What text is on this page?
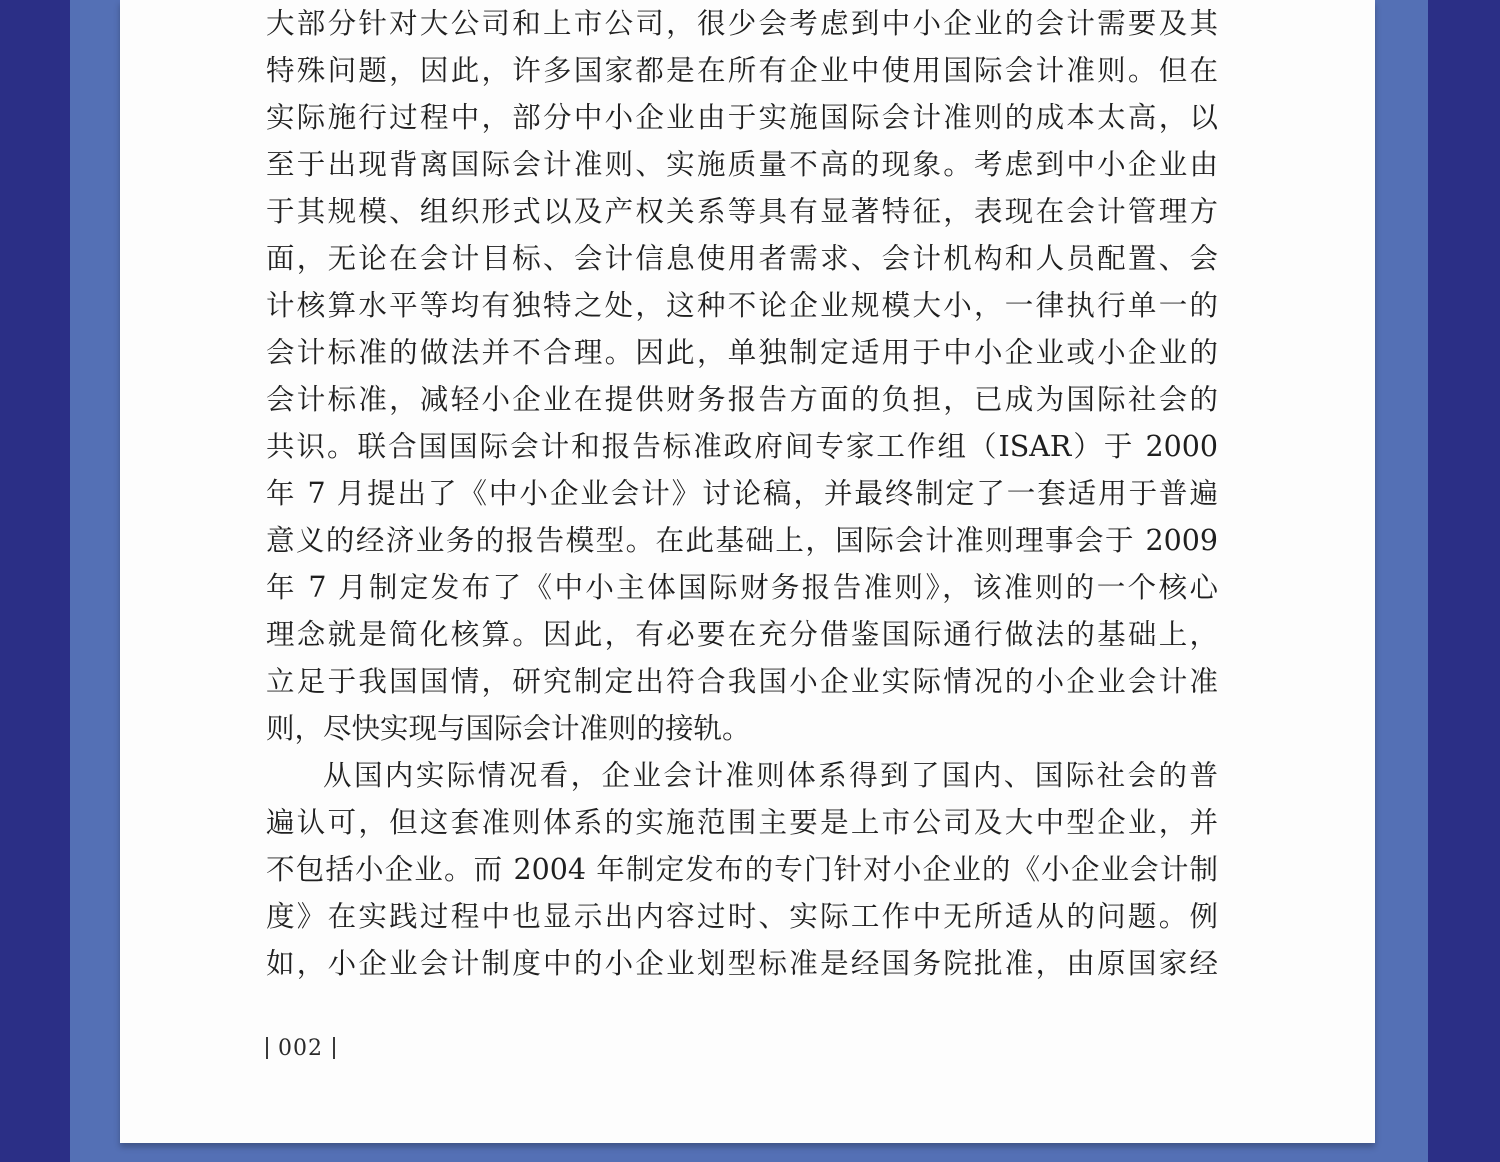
大部分针对大公司和上市公司，很少会考虑到中小企业的会计需要及其
特殊问题，因此，许多国家都是在所有企业中使用国际会计准则。但在
实际施行过程中，部分中小企业由于实施国际会计准则的成本太高，以
至于出现背离国际会计准则、实施质量不高的现象。考虑到中小企业由
于其规模、组织形式以及产权关系等具有显著特征，表现在会计管理方
面，无论在会计目标、会计信息使用者需求、会计机构和人员配置、会
计核算水平等均有独特之处，这种不论企业规模大小，一律执行单一的
会计标准的做法并不合理。因此，单独制定适用于中小企业或小企业的
会计标准，减轻小企业在提供财务报告方面的负担，已成为国际社会的
共识。联合国国际会计和报告标准政府间专家工作组（ISAR）于 2000
年 7 月提出了《中小企业会计》讨论稿，并最终制定了一套适用于普遍
意义的经济业务的报告模型。在此基础上，国际会计准则理事会于 2009
年 7 月制定发布了《中小主体国际财务报告准则》，该准则的一个核心
理念就是简化核算。因此，有必要在充分借鉴国际通行做法的基础上，
立足于我国国情，研究制定出符合我国小企业实际情况的小企业会计准
则，尽快实现与国际会计准则的接轨。
从国内实际情况看，企业会计准则体系得到了国内、国际社会的普
遍认可，但这套准则体系的实施范围主要是上市公司及大中型企业，并
不包括小企业。而 2004 年制定发布的专门针对小企业的《小企业会计制
度》在实践过程中也显示出内容过时、实际工作中无所适从的问题。例
如，小企业会计制度中的小企业划型标准是经国务院批准，由原国家经
002
